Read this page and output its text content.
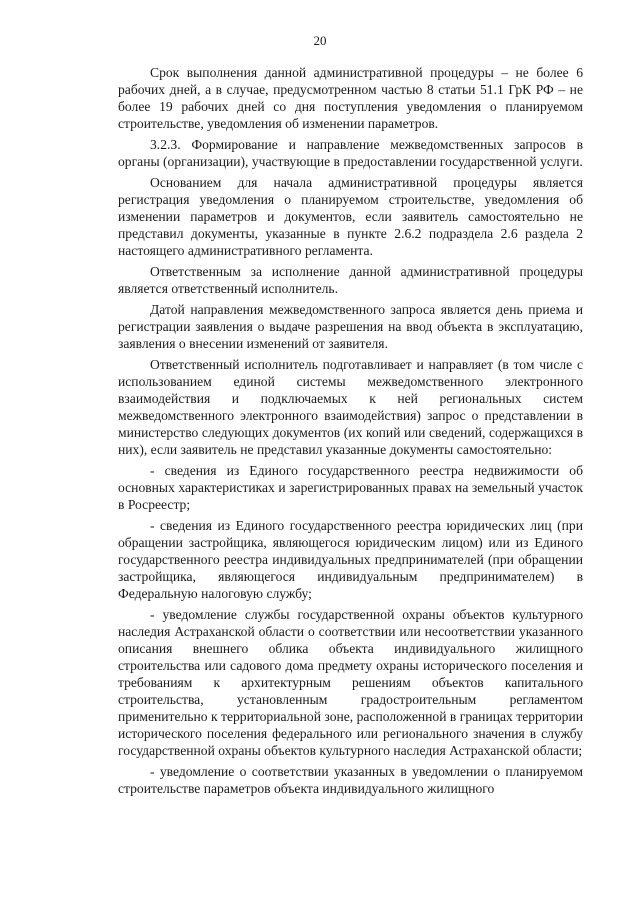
20

Срок выполнения данной административной процедуры – не более 6 рабочих дней, а в случае, предусмотренном частью 8 статьи 51.1 ГрК РФ – не более 19 рабочих дней со дня поступления уведомления о планируемом строительстве, уведомления об изменении параметров.

3.2.3. Формирование и направление межведомственных запросов в органы (организации), участвующие в предоставлении государственной услуги.

Основанием для начала административной процедуры является регистрация уведомления о планируемом строительстве, уведомления об изменении параметров и документов, если заявитель самостоятельно не представил документы, указанные в пункте 2.6.2 подраздела 2.6 раздела 2 настоящего административного регламента.

Ответственным за исполнение данной административной процедуры является ответственный исполнитель.

Датой направления межведомственного запроса является день приема и регистрации заявления о выдаче разрешения на ввод объекта в эксплуатацию, заявления о внесении изменений от заявителя.

Ответственный исполнитель подготавливает и направляет (в том числе с использованием единой системы межведомственного электронного взаимодействия и подключаемых к ней региональных систем межведомственного электронного взаимодействия) запрос о представлении в министерство следующих документов (их копий или сведений, содержащихся в них), если заявитель не представил указанные документы самостоятельно:

- сведения из Единого государственного реестра недвижимости об основных характеристиках и зарегистрированных правах на земельный участок в Росреестр;

- сведения из Единого государственного реестра юридических лиц (при обращении застройщика, являющегося юридическим лицом) или из Единого государственного реестра индивидуальных предпринимателей (при обращении застройщика, являющегося индивидуальным предпринимателем) в Федеральную налоговую службу;

- уведомление службы государственной охраны объектов культурного наследия Астраханской области о соответствии или несоответствии указанного описания внешнего облика объекта индивидуального жилищного строительства или садового дома предмету охраны исторического поселения и требованиям к архитектурным решениям объектов капитального строительства, установленным градостроительным регламентом применительно к территориальной зоне, расположенной в границах территории исторического поселения федерального или регионального значения в службу государственной охраны объектов культурного наследия Астраханской области;

- уведомление о соответствии указанных в уведомлении о планируемом строительстве параметров объекта индивидуального жилищного
